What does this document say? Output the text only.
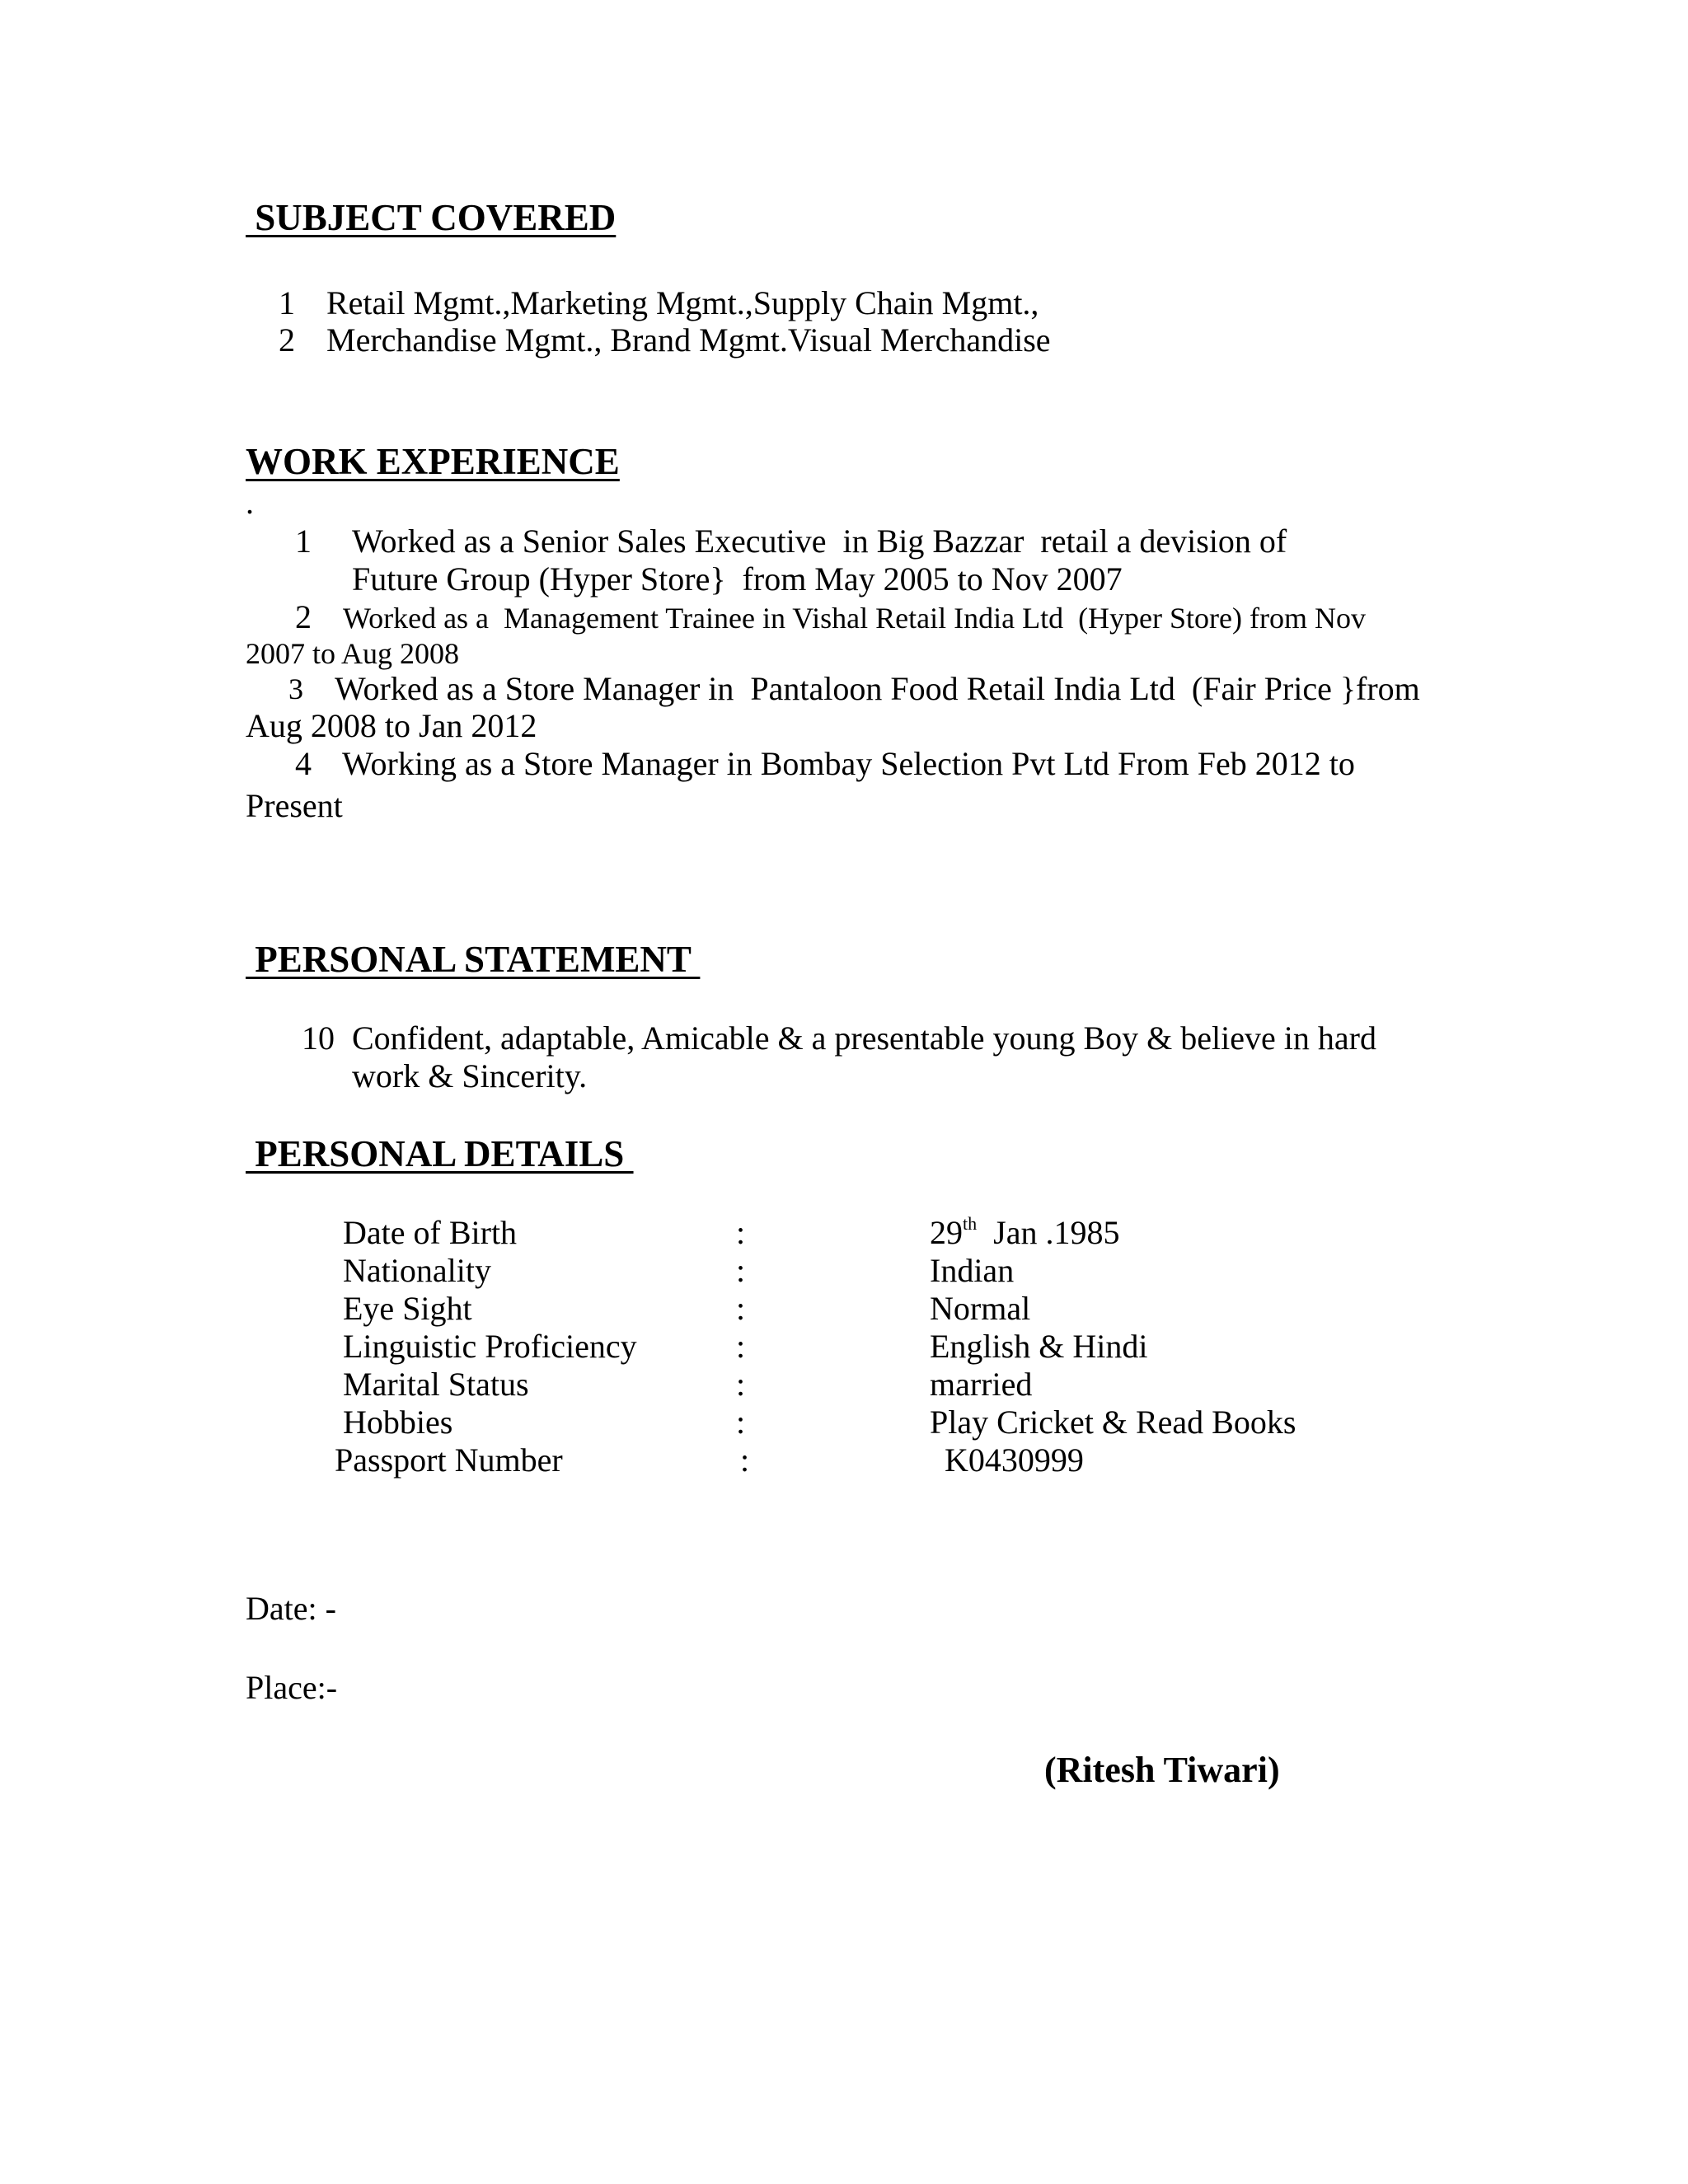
SUBJECT COVERED
1 Retail Mgmt.,Marketing Mgmt.,Supply Chain Mgmt.,
2 Merchandise Mgmt., Brand Mgmt.Visual Merchandise
WORK EXPERIENCE
.
1 Worked as a Senior Sales Executive  in Big Bazzar  retail a devision of
Future Group (Hyper Store}  from May 2005 to Nov 2007
2 Worked as a  Management Trainee in Vishal Retail India Ltd  (Hyper Store) from Nov
2007 to Aug 2008
3 Worked as a Store Manager in  Pantaloon Food Retail India Ltd  (Fair Price }from
Aug 2008 to Jan 2012
4 Working as a Store Manager in Bombay Selection Pvt Ltd From Feb 2012 to
Present
PERSONAL STATEMENT
10 Confident, adaptable, Amicable & a presentable young Boy & believe in hard
work & Sincerity.
PERSONAL DETAILS
Date of Birth	:	29th  Jan .1985
Nationality	:	Indian
Eye Sight	:	Normal
Linguistic Proficiency	:	English & Hindi
Marital Status	:	married
Hobbies	:	Play Cricket & Read Books
Passport Number	:	K0430999
Date: -
Place:-
(Ritesh Tiwari)
